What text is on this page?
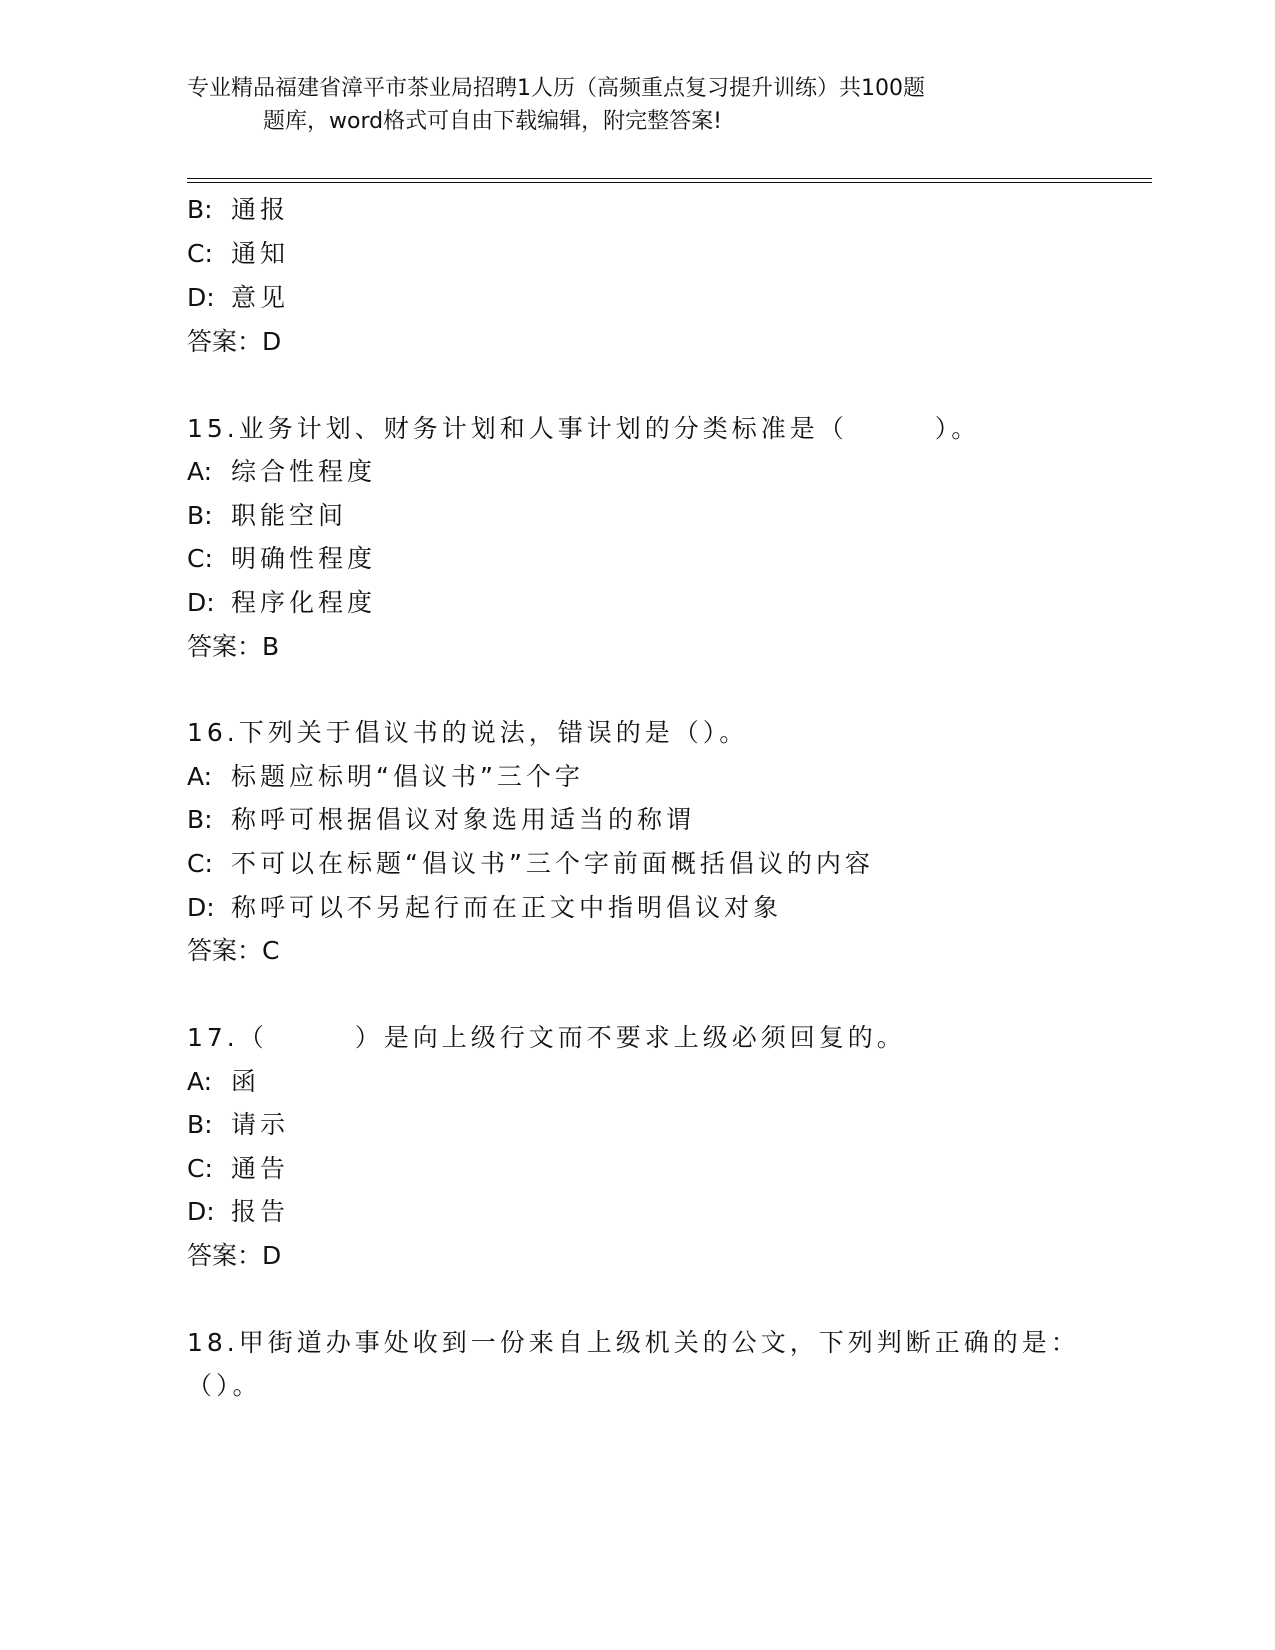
专业精品福建省漳平市茶业局招聘1人历（高频重点复习提升训练）共100题
题库，word格式可自由下载编辑，附完整答案!
B: 通报
C: 通知
D: 意见
答案：D
15.业务计划、财务计划和人事计划的分类标准是（　　　）。
A: 综合性程度
B: 职能空间
C: 明确性程度
D: 程序化程度
答案：B
16.下列关于倡议书的说法，错误的是（）。
A: 标题应标明“倡议书”三个字
B: 称呼可根据倡议对象选用适当的称谓
C: 不可以在标题“倡议书”三个字前面概括倡议的内容
D: 称呼可以不另起行而在正文中指明倡议对象
答案：C
17.（　　　）是向上级行文而不要求上级必须回复的。
A: 函
B: 请示
C: 通告
D: 报告
答案：D
18.甲街道办事处收到一份来自上级机关的公文，下列判断正确的是：
（）。
